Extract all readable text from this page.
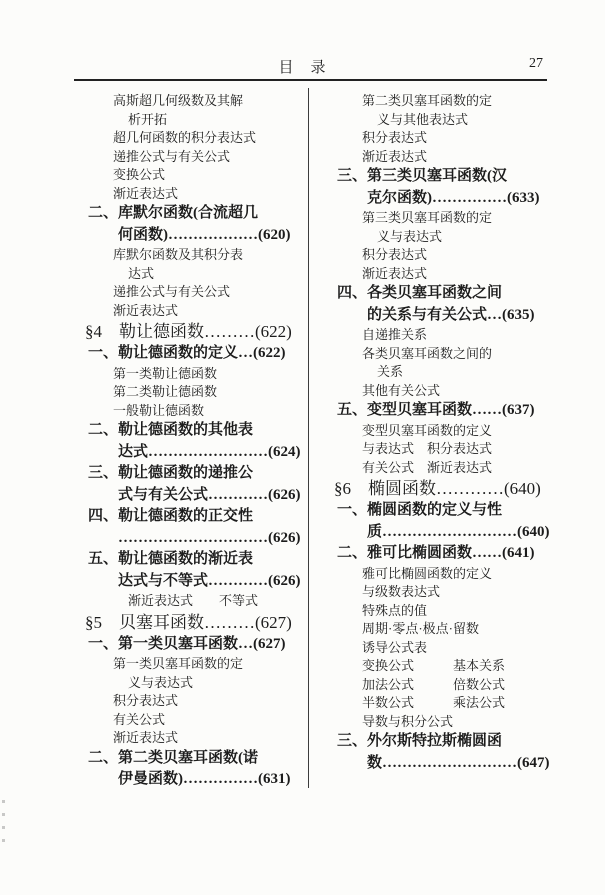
目　录	27
高斯超几何级数及其解
析开拓
超几何函数的积分表达式
递推公式与有关公式
变换公式
渐近表达式
二、库默尔函数(合流超几
何函数)………………(620)
库默尔函数及其积分表
达式
递推公式与有关公式
渐近表达式
§4　勒让德函数………(622)
一、勒让德函数的定义…(622)
第一类勒让德函数
第二类勒让德函数
一般勒让德函数
二、勒让德函数的其他表
达式……………………(624)
三、勒让德函数的递推公
式与有关公式…………(626)
四、勒让德函数的正交性
…………………………(626)
五、勒让德函数的渐近表
达式与不等式…………(626)
渐近表达式　　不等式
§5　贝塞耳函数………(627)
一、第一类贝塞耳函数…(627)
第一类贝塞耳函数的定
义与表达式
积分表达式
有关公式
渐近表达式
二、第二类贝塞耳函数(诺
伊曼函数)……………(631)
第二类贝塞耳函数的定
义与其他表达式
积分表达式
渐近表达式
三、第三类贝塞耳函数(汉
克尔函数)……………(633)
第三类贝塞耳函数的定
义与表达式
积分表达式
渐近表达式
四、各类贝塞耳函数之间
的关系与有关公式…(635)
自递推关系
各类贝塞耳函数之间的
关系
其他有关公式
五、变型贝塞耳函数……(637)
变型贝塞耳函数的定义
与表达式　积分表达式
有关公式　渐近表达式
§6　椭圆函数…………(640)
一、椭圆函数的定义与性
质………………………(640)
二、雅可比椭圆函数……(641)
雅可比椭圆函数的定义
与级数表达式
特殊点的值
周期·零点·极点·留数
诱导公式表
变换公式　　　基本关系
加法公式　　　倍数公式
半数公式　　　乘法公式
导数与积分公式
三、外尔斯特拉斯椭圆函
数………………………(647)
